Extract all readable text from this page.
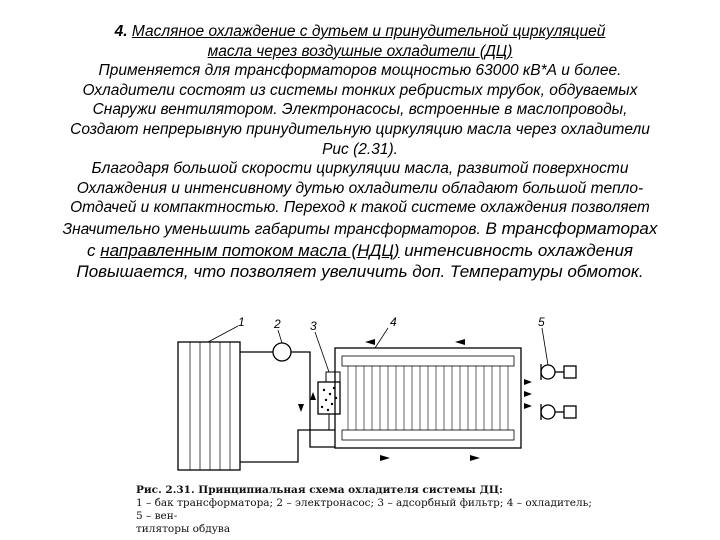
4. Масляное охлаждение с дутьем и принудительной циркуляцией
масла через воздушные охладители (ДЦ)
Применяется для трансформаторов мощностью 63000 кВ*А и более.
Охладители состоят из системы тонких ребристых трубок, обдуваемых
Снаружи вентилятором. Электронасосы, встроенные в маслопроводы,
Создают непрерывную принудительную циркуляцию масла через охладители
Рис (2.31).
Благодаря большой скорости циркуляции масла, развитой поверхности
Охлаждения и интенсивному дутью охладители обладают большой тепло-
Отдачей и компактностью. Переход к такой системе охлаждения позволяет
Значительно уменьшить габариты трансформаторов. В трансформаторах
с направленным потоком масла (НДЦ) интенсивность охлаждения
Повышается, что позволяет увеличить доп. Температуры обмоток.
1 2 3	4	5
Рис. 2.31. Принципиальная схема охладителя системы ДЦ:
1 – бак трансформатора; 2 – электронасос; 3 – адсорбный фильтр; 4 – охладитель; 5 – вен-
тиляторы обдува
